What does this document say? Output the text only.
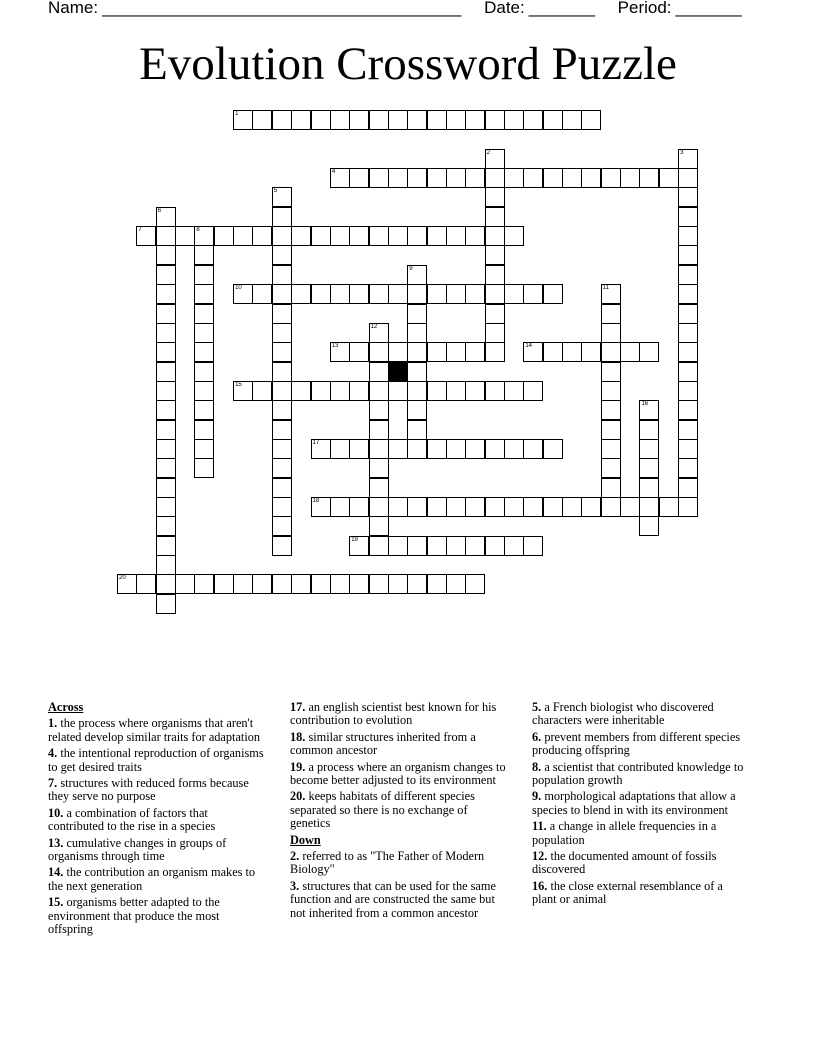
Name: ______________________________________ Date: _______ Period: _______
Evolution Crossword Puzzle
1
2	3
4
5
6
7	8
9
10	11
12
13	14
15
16
17
18
19
20
Across
1. the process where organisms that aren't related develop similar traits for adaptation
4. the intentional reproduction of organisms to get desired traits
7. structures with reduced forms because they serve no purpose
10. a combination of factors that contributed to the rise in a species
13. cumulative changes in groups of organisms through time
14. the contribution an organism makes to the next generation
15. organisms better adapted to the environment that produce the most offspring
17. an english scientist best known for his contribution to evolution
18. similar structures inherited from a common ancestor
19. a process where an organism changes to become better adjusted to its environment
20. keeps habitats of different species separated so there is no exchange of genetics
Down
2. referred to as "The Father of Modern Biology"
3. structures that can be used for the same function and are constructed the same but not inherited from a common ancestor
5. a French biologist who discovered characters were inheritable
6. prevent members from different species producing offspring
8. a scientist that contributed knowledge to population growth
9. morphological adaptations that allow a species to blend in with its environment
11. a change in allele frequencies in a population
12. the documented amount of fossils discovered
16. the close external resemblance of a plant or animal
